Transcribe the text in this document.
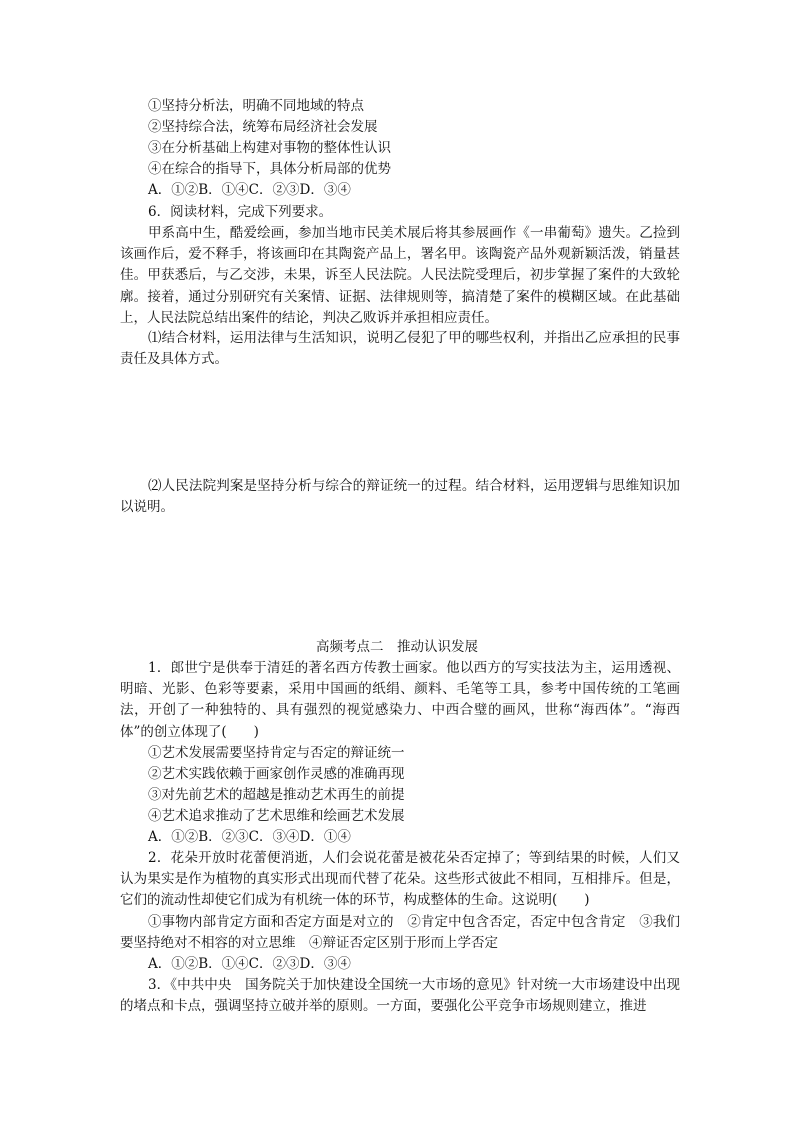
①坚持分析法，明确不同地域的特点
②坚持综合法，统筹布局经济社会发展
③在分析基础上构建对事物的整体性认识
④在综合的指导下，具体分析局部的优势
A．①②B．①④C．②③D．③④
6．阅读材料，完成下列要求。
甲系高中生，酷爱绘画，参加当地市民美术展后将其参展画作《一串葡萄》遗失。乙捡到该画作后，爱不释手，将该画印在其陶瓷产品上，署名甲。该陶瓷产品外观新颖活泼，销量甚佳。甲获悉后，与乙交涉，未果，诉至人民法院。人民法院受理后，初步掌握了案件的大致轮廓。接着，通过分别研究有关案情、证据、法律规则等，搞清楚了案件的模糊区域。在此基础上，人民法院总结出案件的结论，判决乙败诉并承担相应责任。
⑴结合材料，运用法律与生活知识，说明乙侵犯了甲的哪些权利，并指出乙应承担的民事责任及具体方式。
⑵人民法院判案是坚持分析与综合的辩证统一的过程。结合材料，运用逻辑与思维知识加以说明。
高频考点二　推动认识发展
1．郎世宁是供奉于清廷的著名西方传教士画家。他以西方的写实技法为主，运用透视、明暗、光影、色彩等要素，采用中国画的纸绢、颜料、毛笔等工具，参考中国传统的工笔画法，开创了一种独特的、具有强烈的视觉感染力、中西合璧的画风，世称“海西体”。“海西体”的创立体现了(　　)
①艺术发展需要坚持肯定与否定的辩证统一
②艺术实践依赖于画家创作灵感的准确再现
③对先前艺术的超越是推动艺术再生的前提
④艺术追求推动了艺术思维和绘画艺术发展
A．①②B．②③C．③④D．①④
2．花朵开放时花蕾便消逝，人们会说花蕾是被花朵否定掉了；等到结果的时候，人们又认为果实是作为植物的真实形式出现而代替了花朵。这些形式彼此不相同，互相排斥。但是，它们的流动性却使它们成为有机统一体的环节，构成整体的生命。这说明(　　)
①事物内部肯定方面和否定方面是对立的　②肯定中包含否定，否定中包含肯定　③我们要坚持绝对不相容的对立思维　④辩证否定区别于形而上学否定
A．①②B．①④C．②③D．③④
3．《中共中央　国务院关于加快建设全国统一大市场的意见》针对统一大市场建设中出现的堵点和卡点，强调坚持立破并举的原则。一方面，要强化公平竞争市场规则建立，推进
